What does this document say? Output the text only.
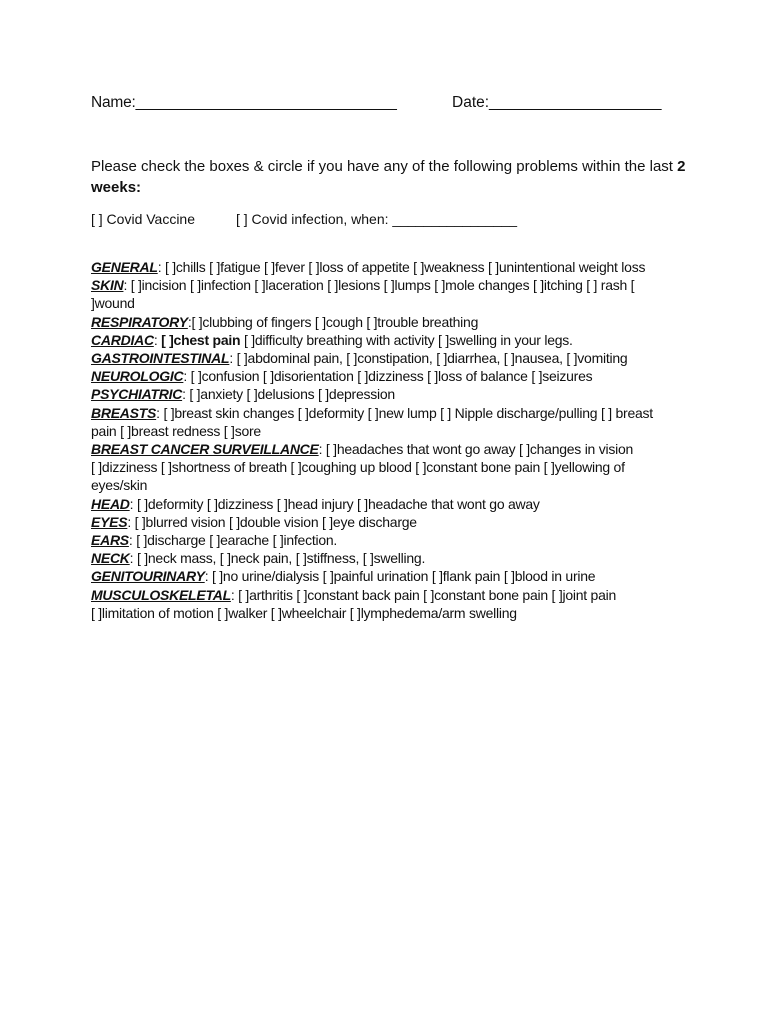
Name:_______________________________	Date:____________________
Please check the boxes & circle if you have any of the following problems within the last 2 weeks:
[ ] Covid Vaccine	[ ] Covid infection, when: ________________
GENERAL: [ ]chills [ ]fatigue [ ]fever [ ]loss of appetite [ ]weakness [ ]unintentional weight loss
SKIN: [ ]incision [ ]infection [ ]laceration [ ]lesions [ ]lumps [ ]mole changes [ ]itching [ ] rash [ ]wound
RESPIRATORY:[ ]clubbing of fingers [ ]cough [ ]trouble breathing
CARDIAC: [ ]chest pain [ ]difficulty breathing with activity [ ]swelling in your legs.
GASTROINTESTINAL: [ ]abdominal pain, [ ]constipation, [ ]diarrhea, [ ]nausea, [ ]vomiting
NEUROLOGIC: [ ]confusion [ ]disorientation [ ]dizziness [ ]loss of balance [ ]seizures
PSYCHIATRIC: [ ]anxiety [ ]delusions [ ]depression
BREASTS: [ ]breast skin changes [ ]deformity [ ]new lump [ ] Nipple discharge/pulling [ ] breast pain [ ]breast redness [ ]sore
BREAST CANCER SURVEILLANCE: [ ]headaches that wont go away [ ]changes in vision
[ ]dizziness [ ]shortness of breath [ ]coughing up blood [ ]constant bone pain [ ]yellowing of eyes/skin
HEAD: [ ]deformity [ ]dizziness [ ]head injury [ ]headache that wont go away
EYES: [ ]blurred vision [ ]double vision [ ]eye discharge
EARS: [ ]discharge [ ]earache [ ]infection.
NECK: [ ]neck mass, [ ]neck pain, [ ]stiffness, [ ]swelling.
GENITOURINARY: [ ]no urine/dialysis [ ]painful urination [ ]flank pain [ ]blood in urine
MUSCULOSKELETAL: [ ]arthritis [ ]constant back pain [ ]constant bone pain [ ]joint pain
[ ]limitation of motion [ ]walker [ ]wheelchair [ ]lymphedema/arm swelling
